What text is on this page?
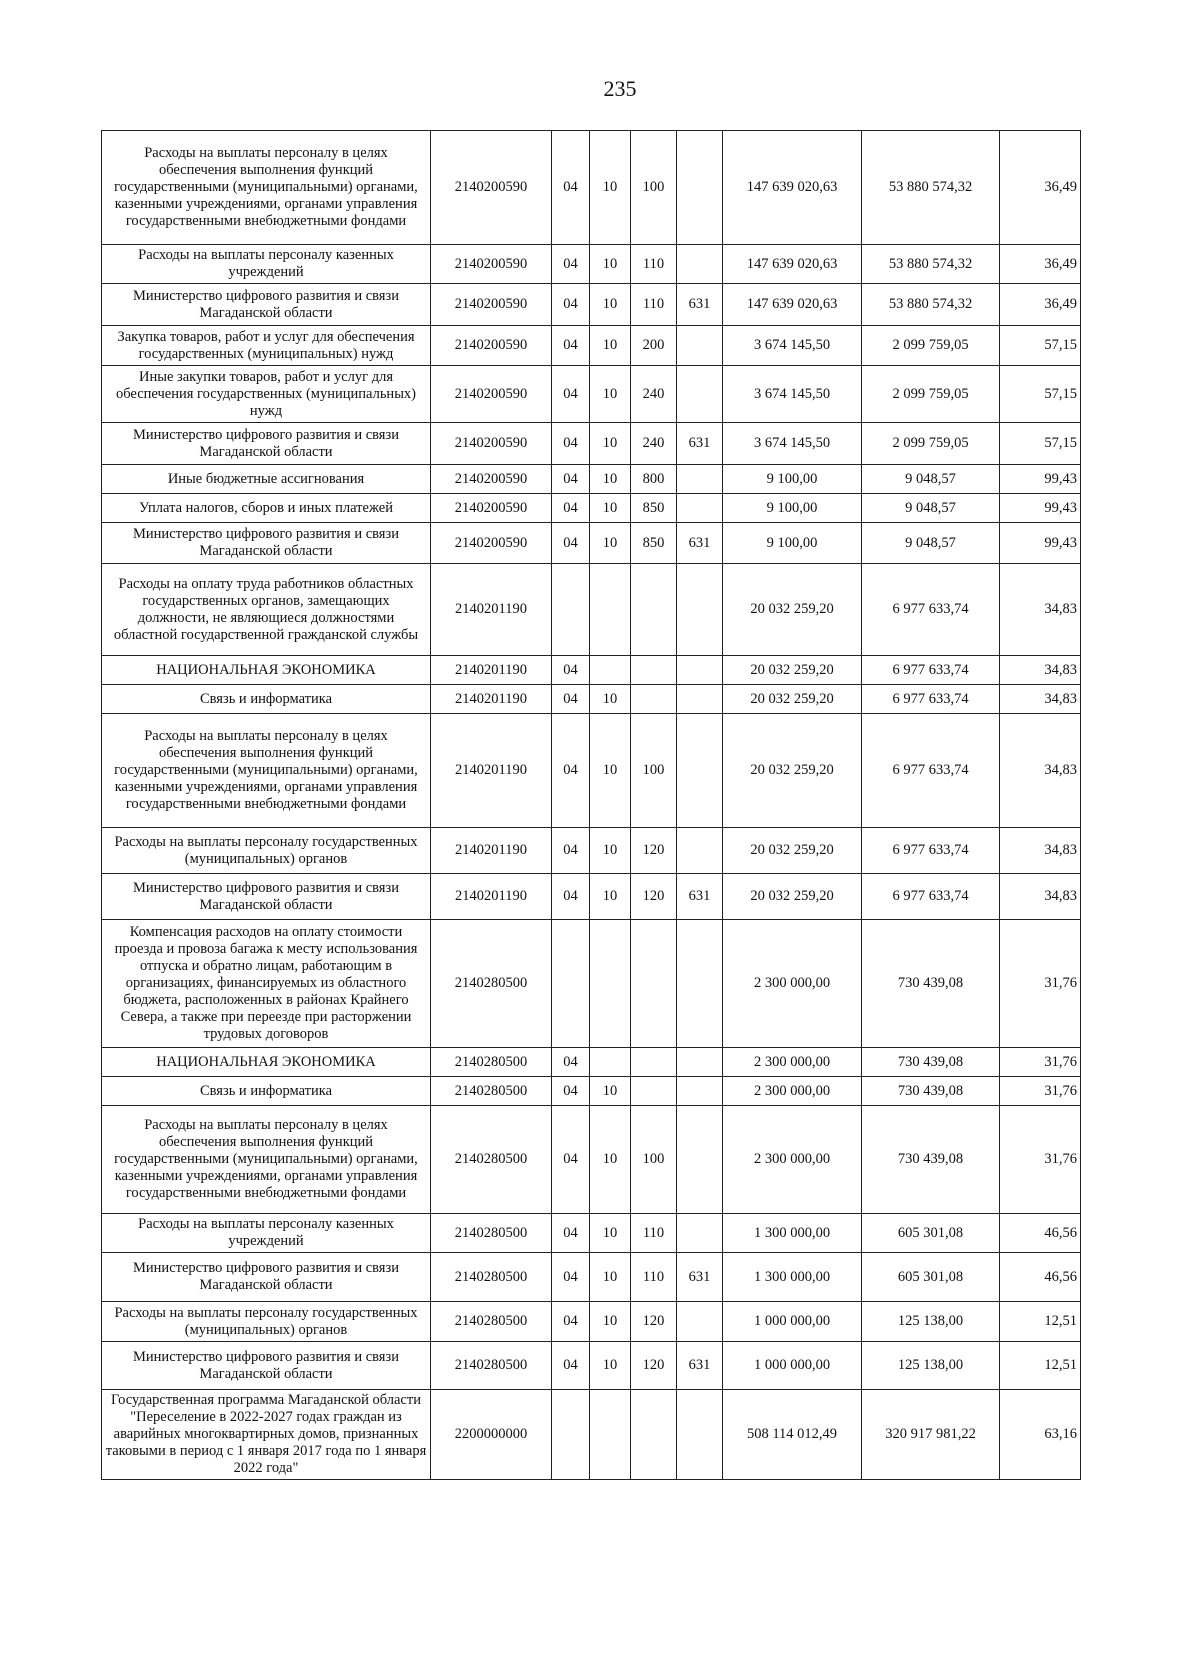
235
Расходы на выплаты персоналу в целях обеспечения выполнения функций государственными (муниципальными) органами, казенными учреждениями, органами управления государственными внебюджетными фондами	2140200590	04	10	100		147 639 020,63	53 880 574,32	36,49
Расходы на выплаты персоналу казенных учреждений	2140200590	04	10	110		147 639 020,63	53 880 574,32	36,49
Министерство цифрового развития и связи Магаданской области	2140200590	04	10	110	631	147 639 020,63	53 880 574,32	36,49
Закупка товаров, работ и услуг для обеспечения государственных (муниципальных) нужд	2140200590	04	10	200		3 674 145,50	2 099 759,05	57,15
Иные закупки товаров, работ и услуг для обеспечения государственных (муниципальных) нужд	2140200590	04	10	240		3 674 145,50	2 099 759,05	57,15
Министерство цифрового развития и связи Магаданской области	2140200590	04	10	240	631	3 674 145,50	2 099 759,05	57,15
Иные бюджетные ассигнования	2140200590	04	10	800		9 100,00	9 048,57	99,43
Уплата налогов, сборов и иных платежей	2140200590	04	10	850		9 100,00	9 048,57	99,43
Министерство цифрового развития и связи Магаданской области	2140200590	04	10	850	631	9 100,00	9 048,57	99,43
Расходы на оплату труда работников областных государственных органов, замещающих должности, не являющиеся должностями областной государственной гражданской службы	2140201190					20 032 259,20	6 977 633,74	34,83
НАЦИОНАЛЬНАЯ ЭКОНОМИКА	2140201190	04				20 032 259,20	6 977 633,74	34,83
Связь и информатика	2140201190	04	10			20 032 259,20	6 977 633,74	34,83
Расходы на выплаты персоналу в целях обеспечения выполнения функций государственными (муниципальными) органами, казенными учреждениями, органами управления государственными внебюджетными фондами	2140201190	04	10	100		20 032 259,20	6 977 633,74	34,83
Расходы на выплаты персоналу государственных (муниципальных) органов	2140201190	04	10	120		20 032 259,20	6 977 633,74	34,83
Министерство цифрового развития и связи Магаданской области	2140201190	04	10	120	631	20 032 259,20	6 977 633,74	34,83
Компенсация расходов на оплату стоимости проезда и провоза багажа к месту использования отпуска и обратно лицам, работающим в организациях, финансируемых из областного бюджета, расположенных в районах Крайнего Севера, а также при переезде при расторжении трудовых договоров	2140280500					2 300 000,00	730 439,08	31,76
НАЦИОНАЛЬНАЯ ЭКОНОМИКА	2140280500	04				2 300 000,00	730 439,08	31,76
Связь и информатика	2140280500	04	10			2 300 000,00	730 439,08	31,76
Расходы на выплаты персоналу в целях обеспечения выполнения функций государственными (муниципальными) органами, казенными учреждениями, органами управления государственными внебюджетными фондами	2140280500	04	10	100		2 300 000,00	730 439,08	31,76
Расходы на выплаты персоналу казенных учреждений	2140280500	04	10	110		1 300 000,00	605 301,08	46,56
Министерство цифрового развития и связи Магаданской области	2140280500	04	10	110	631	1 300 000,00	605 301,08	46,56
Расходы на выплаты персоналу государственных (муниципальных) органов	2140280500	04	10	120		1 000 000,00	125 138,00	12,51
Министерство цифрового развития и связи Магаданской области	2140280500	04	10	120	631	1 000 000,00	125 138,00	12,51
Государственная программа Магаданской области "Переселение в 2022-2027 годах граждан из аварийных многоквартирных домов, признанных таковыми в период с 1 января 2017 года по 1 января 2022 года"	2200000000					508 114 012,49	320 917 981,22	63,16
